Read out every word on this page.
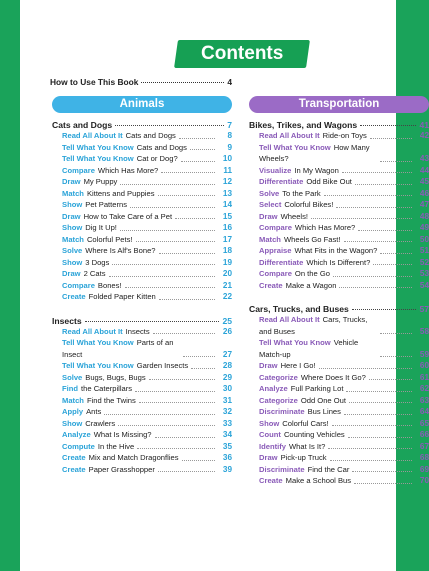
Contents
How to Use This Book	4
Animals
Cats and Dogs	7
Read All About It Cats and Dogs	8
Tell What You Know Cats and Dogs	9
Tell What You Know Cat or Dog?	10
Compare Which Has More?	11
Draw My Puppy	12
Match Kittens and Puppies	13
Show Pet Patterns	14
Draw How to Take Care of a Pet	15
Show Dig It Up!	16
Match Colorful Pets!	17
Solve Where Is Alf's Bone?	18
Show 3 Dogs	19
Draw 2 Cats	20
Compare Bones!	21
Create Folded Paper Kitten	22
Insects	25
Read All About It Insects	26
Tell What You Know Parts of an Insect	27
Tell What You Know Garden Insects	28
Solve Bugs, Bugs, Bugs	29
Find the Caterpillars	30
Match Find the Twins	31
Apply Ants	32
Show Crawlers	33
Analyze What Is Missing?	34
Compute In the Hive	35
Create Mix and Match Dragonflies	36
Create Paper Grasshopper	39
Transportation
Bikes, Trikes, and Wagons	41
Read All About It Ride-on Toys	42
Tell What You Know How Many Wheels?	43
Visualize In My Wagon	44
Differentiate Odd Bike Out	45
Solve To the Park	46
Select Colorful Bikes!	47
Draw Wheels!	48
Compare Which Has More?	49
Match Wheels Go Fast!	50
Appraise What Fits in the Wagon?	51
Differentiate Which Is Different?	52
Compare On the Go	53
Create Make a Wagon	54
Cars, Trucks, and Buses	57
Read All About It Cars, Trucks, and Buses	58
Tell What You Know Vehicle Match-up	59
Draw Here I Go!	60
Categorize Where Does It Go?	61
Analyze Full Parking Lot	62
Categorize Odd One Out	63
Discriminate Bus Lines	64
Show Colorful Cars!	65
Count Counting Vehicles	66
Identify What Is It?	67
Draw Pick-up Truck	68
Discriminate Find the Car	69
Create Make a School Bus	70
